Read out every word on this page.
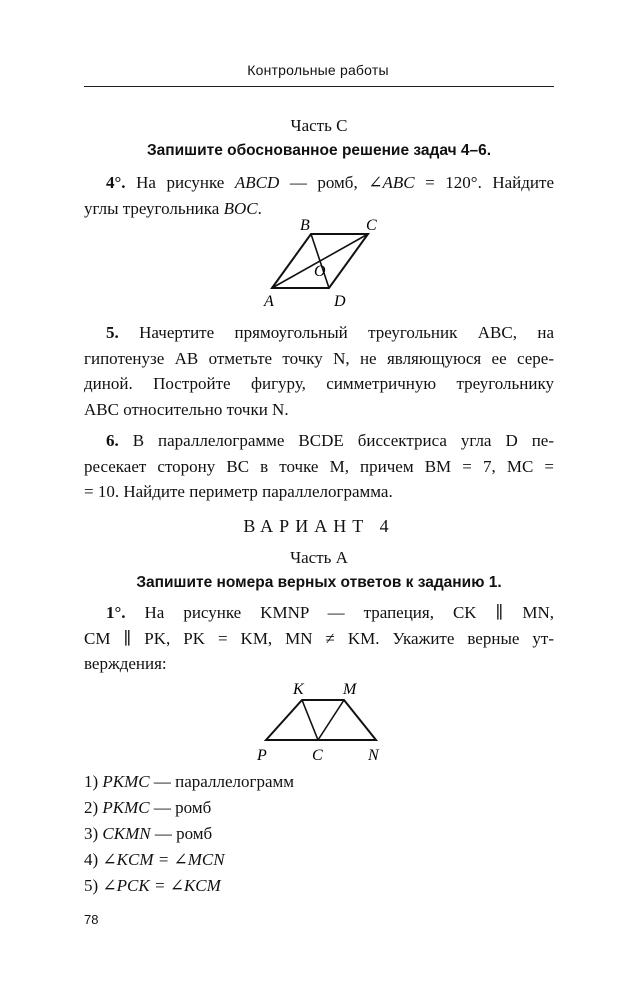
Контрольные работы
Часть С
Запишите обоснованное решение задач 4–6.
4°. На рисунке ABCD — ромб, ∠ABC = 120°. Найдите
углы треугольника BOC.
B	C
O
A	D
5. Начертите прямоугольный треугольник ABC, на
гипотенузе AB отметьте точку N, не являющуюся ее сере-
диной. Постройте фигуру, симметричную треугольнику
ABC относительно точки N.
6. В параллелограмме BCDE биссектриса угла D пе-
ресекает сторону BC в точке M, причем BM = 7, MC =
= 10. Найдите периметр параллелограмма.
ВАРИАНТ 4
Часть А
Запишите номера верных ответов к заданию 1.
1°. На рисунке KMNP — трапеция, CK ∥ MN,
CM ∥ PK, PK = KM, MN ≠ KM. Укажите верные ут-
верждения:
K M
P	C	N
1) PKMC — параллелограмм
2) PKMC — ромб
3) CKMN — ромб
4) ∠KCM = ∠MCN
5) ∠PCK = ∠KCM
78
